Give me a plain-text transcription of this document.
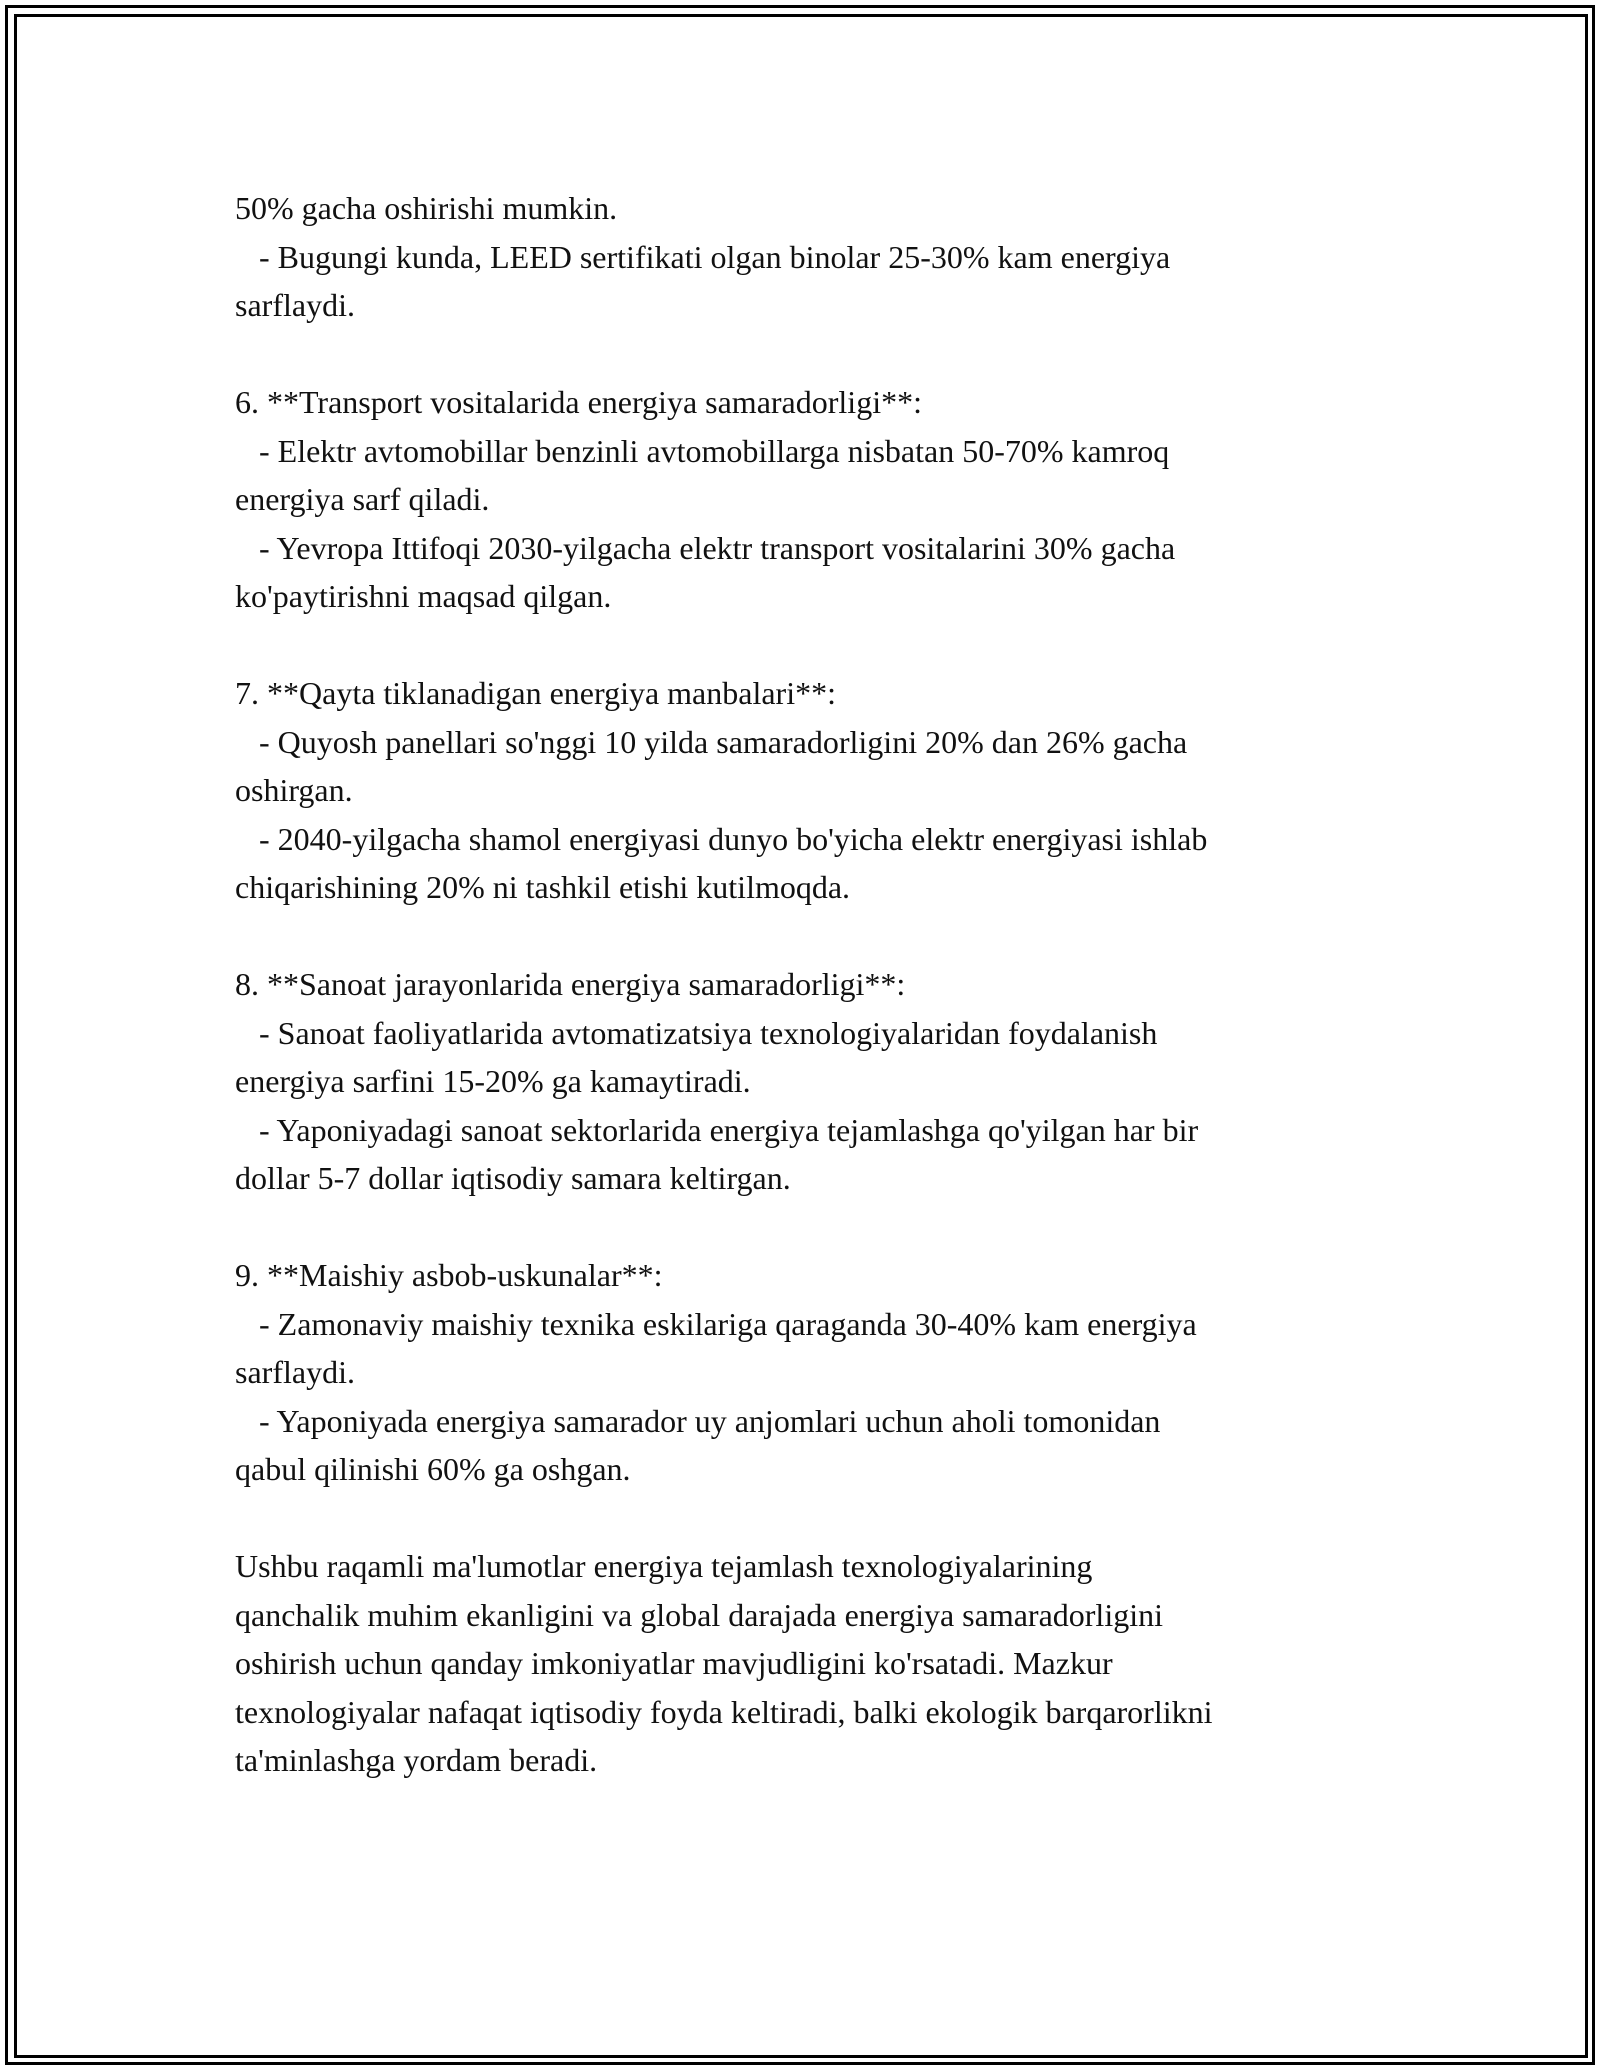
50% gacha oshirishi mumkin.
- Bugungi kunda, LEED sertifikati olgan binolar 25-30% kam energiya
sarflaydi.
6. **Transport vositalarida energiya samaradorligi**:
- Elektr avtomobillar benzinli avtomobillarga nisbatan 50-70% kamroq
energiya sarf qiladi.
- Yevropa Ittifoqi 2030-yilgacha elektr transport vositalarini 30% gacha
ko'paytirishni maqsad qilgan.
7. **Qayta tiklanadigan energiya manbalari**:
- Quyosh panellari so'nggi 10 yilda samaradorligini 20% dan 26% gacha
oshirgan.
- 2040-yilgacha shamol energiyasi dunyo bo'yicha elektr energiyasi ishlab
chiqarishining 20% ni tashkil etishi kutilmoqda.
8. **Sanoat jarayonlarida energiya samaradorligi**:
- Sanoat faoliyatlarida avtomatizatsiya texnologiyalaridan foydalanish
energiya sarfini 15-20% ga kamaytiradi.
- Yaponiyadagi sanoat sektorlarida energiya tejamlashga qo'yilgan har bir
dollar 5-7 dollar iqtisodiy samara keltirgan.
9. **Maishiy asbob-uskunalar**:
- Zamonaviy maishiy texnika eskilariga qaraganda 30-40% kam energiya
sarflaydi.
- Yaponiyada energiya samarador uy anjomlari uchun aholi tomonidan
qabul qilinishi 60% ga oshgan.
Ushbu raqamli ma'lumotlar energiya tejamlash texnologiyalarining
qanchalik muhim ekanligini va global darajada energiya samaradorligini
oshirish uchun qanday imkoniyatlar mavjudligini ko'rsatadi. Mazkur
texnologiyalar nafaqat iqtisodiy foyda keltiradi, balki ekologik barqarorlikni
ta'minlashga yordam beradi.
